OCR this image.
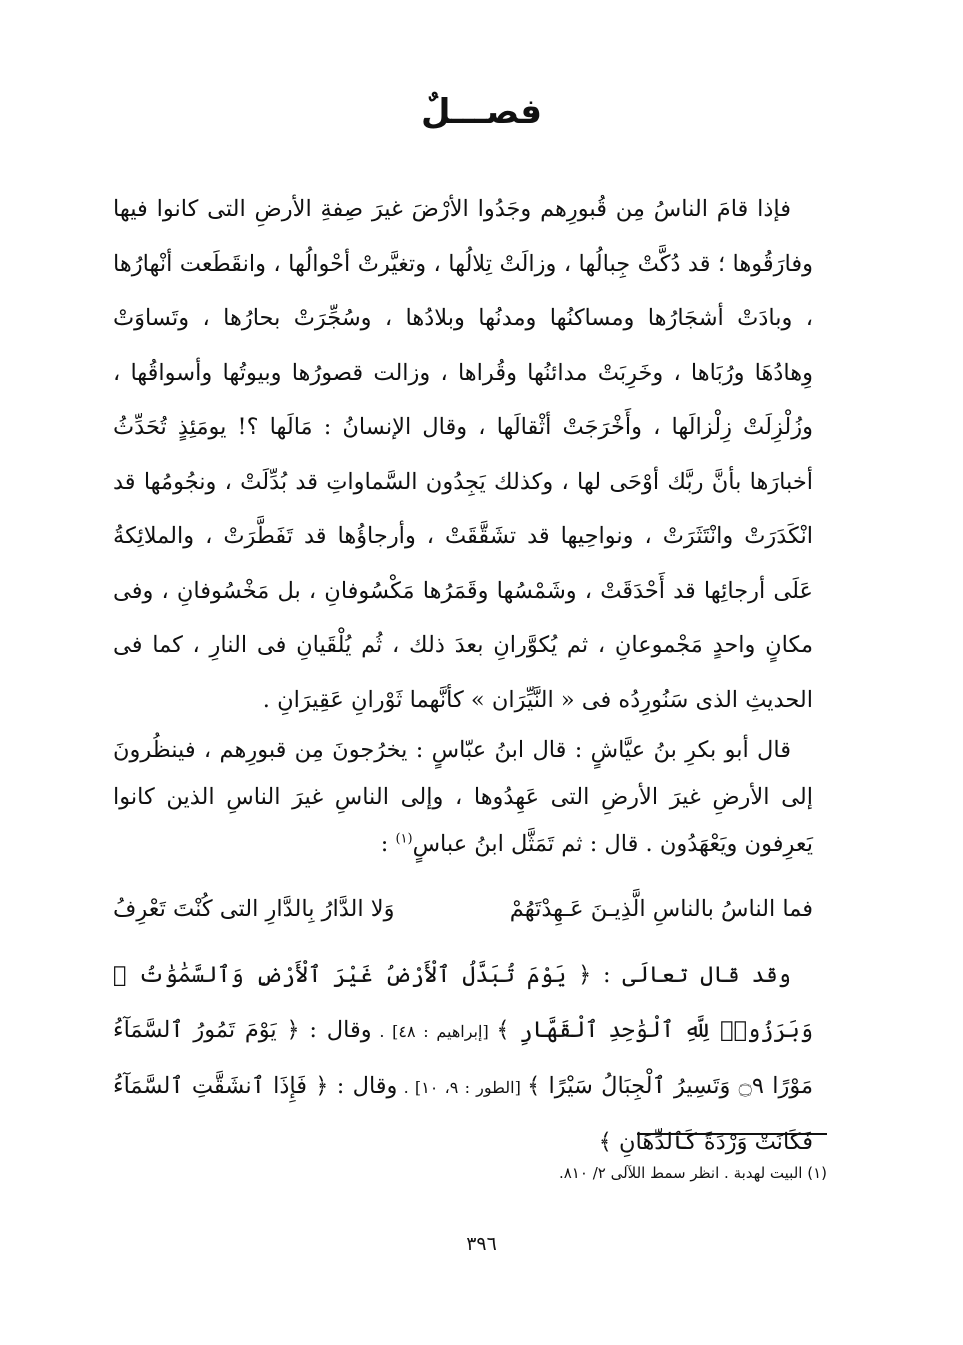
فصـــلٌ

فإذا قامَ الناسُ مِن قُبورِهم وجَدُوا الأرْضَ غيرَ صِفةِ الأرضِ التى كانوا فيها وفارَقُوها ؛ قد دُكَّتْ جِبالُها ، وزالَتْ تِلالُها ، وتغيَّرتْ أحْوالُها ، وانقَطَعت أنْهارُها ، وبادَتْ أشجَارُها ومساكنُها ومدنُها وبلادُها ، وسُجِّرَتْ بحارُها ، وتَساوَتْ وِهادُهَا ورُبَاها ، وخَرِبَتْ مدائنُها وقُراها ، وزالت قصورُها وبيوتُها وأسواقُها ، وزُلْزِلَتْ زِلْزالَها ، وأَخْرَجَتْ أثْقالَها ، وقال الإنسانُ : مَالَها ؟! يومَئِذٍ تُحَدِّثُ أخبارَها بأنَّ ربَّك أوْحَى لها ، وكذلك يَجِدُون السَّماواتِ قد بُدِّلَتْ ، ونجُومُها قد انْكَدَرَتْ وانْتَثَرَتْ ، ونواحِيها قد تشَقَّقَتْ ، وأرجاؤُها قد تَفَطَّرَتْ ، والملائِكةُ عَلَى أرجائِها قد أَحْدَقَتْ ، وشَمْسُها وقَمَرُها مَكْسُوفانِ ، بل مَخْسُوفانِ ، وفى مكانٍ واحدٍ مَجْموعانِ ، ثم يُكوَّرانِ بعدَ ذلك ، ثُم يُلْقَيانِ فى النارِ ، كما فى الحديثِ الذى سَنُورِدُه فى « النَّيِّرَان » كأنَّهما ثَوْرانِ عَقِيرَانِ .

قال أبو بكرِ بنُ عيَّاشٍ : قال ابنُ عبّاسٍ : يخرُجونَ مِن قبورِهم ، فينظُرونَ إلى الأرضِ غيرَ الأرضِ التى عَهِدُوها ، وإلى الناسِ غيرَ الناسِ الذين كانوا يَعرِفون ويَعْهَدُون . قال : ثم تَمَثَّل ابنُ عباسٍ$^{(١)}$ :

فما الناسُ بالناسِ الَّذِيـنَ عَـهِدْتَهُمْ
وَلا الدَّارُ بِالدَّارِ التى كُنْتَ تَعْرِفُ

وقد قال تعالَى : ﴿ يَوْمَ تُبَدَّلُ ٱلْأَرْضُ غَيْرَ ٱلْأَرْضِ وَٱلسَّمَٰوَٰتُ ۖ وَبَرَزُوا۟ لِلَّهِ ٱلْوَٰحِدِ ٱلْقَهَّارِ ﴾ [إبراهيم : ٤٨] . وقال : ﴿ يَوْمَ تَمُورُ ٱلسَّمَآءُ مَوْرًا ۝٩ وَتَسِيرُ ٱلْجِبَالُ سَيْرًا ﴾ [الطور : ٩، ١٠] . وقال : ﴿ فَإِذَا ٱنشَقَّتِ ٱلسَّمَآءُ فَكَانَتْ وَرْدَةً كَٱلدِّهَانِ ﴾

(١) البيت لهدبة . انظر سمط اللآلى ٢/ ٨١٠.
٣٩٦
